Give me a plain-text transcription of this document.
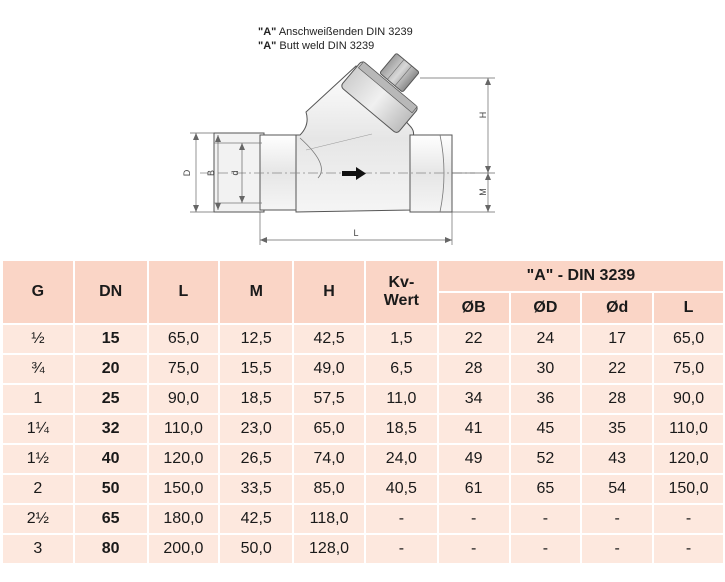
"A" Anschweißenden DIN 3239
"A" Butt weld DIN 3239
D B d
H
M
L
G	DN	L	M	H	Kv-
Wert	"A" - DIN 3239			
						ØB	ØD	Ød	L
½	15	65,0	12,5	42,5	1,5	22	24	17	65,0
¾	20	75,0	15,5	49,0	6,5	28	30	22	75,0
1	25	90,0	18,5	57,5	11,0	34	36	28	90,0
1¼	32	110,0	23,0	65,0	18,5	41	45	35	110,0
1½	40	120,0	26,5	74,0	24,0	49	52	43	120,0
2	50	150,0	33,5	85,0	40,5	61	65	54	150,0
2½	65	180,0	42,5	118,0	-	-	-	-	-
3	80	200,0	50,0	128,0	-	-	-	-	-
